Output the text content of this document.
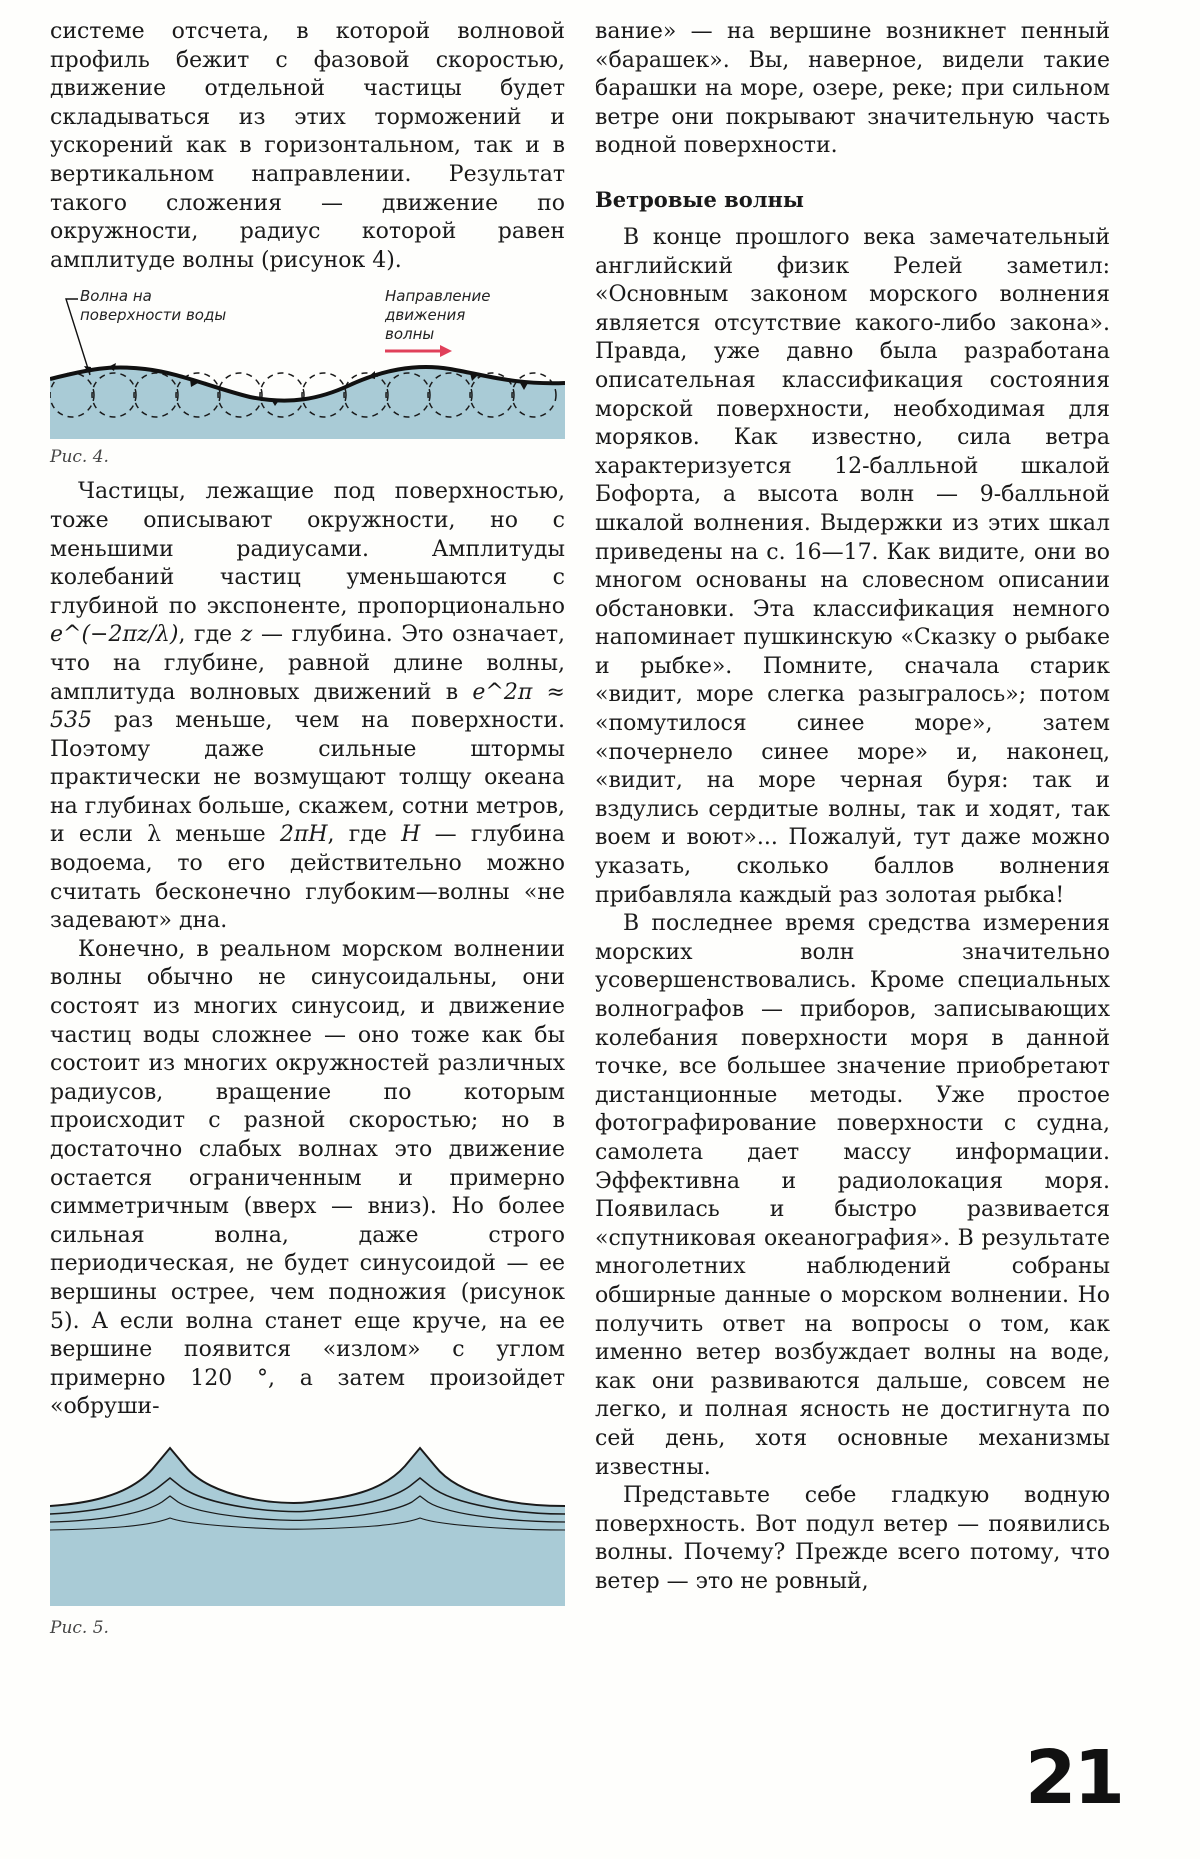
системе отсчета, в которой волновой профиль бежит с фазовой скоростью, движение отдельной частицы будет складываться из этих торможений и ускорений как в горизонтальном, так и в вертикальном направлении. Результат такого сложения — движение по окружности, радиус которой равен амплитуде волны (рисунок 4).

Волна на поверхности воды
Направление движения волны
Рис. 4.

Частицы, лежащие под поверхностью, тоже описывают окружности, но с меньшими радиусами. Амплитуды колебаний частиц уменьшаются с глубиной по экспоненте, пропорционально e^(−2πz/λ), где z — глубина. Это означает, что на глубине, равной длине волны, амплитуда волновых движений в e^2π ≈ 535 раз меньше, чем на поверхности. Поэтому даже сильные штормы практически не возмущают толщу океана на глубинах больше, скажем, сотни метров, и если λ меньше 2πH, где H — глубина водоема, то его действительно можно считать бесконечно глубоким—волны «не задевают» дна.

Конечно, в реальном морском волнении волны обычно не синусоидальны, они состоят из многих синусоид, и движение частиц воды сложнее — оно тоже как бы состоит из многих окружностей различных радиусов, вращение по которым происходит с разной скоростью; но в достаточно слабых волнах это движение остается ограниченным и примерно симметричным (вверх — вниз). Но более сильная волна, даже строго периодическая, не будет синусоидой — ее вершины острее, чем подножия (рисунок 5). А если волна станет еще круче, на ее вершине появится «излом» с углом примерно 120 °, а затем произойдет «обруши-

Рис. 5.

вание» — на вершине возникнет пенный «барашек». Вы, наверное, видели такие барашки на море, озере, реке; при сильном ветре они покрывают значительную часть водной поверхности.

Ветровые волны

В конце прошлого века замечательный английский физик Релей заметил: «Основным законом морского волнения является отсутствие какого-либо закона». Правда, уже давно была разработана описательная классификация состояния морской поверхности, необходимая для моряков. Как известно, сила ветра характеризуется 12-балльной шкалой Бофорта, а высота волн — 9-балльной шкалой волнения. Выдержки из этих шкал приведены на с. 16—17. Как видите, они во многом основаны на словесном описании обстановки. Эта классификация немного напоминает пушкинскую «Сказку о рыбаке и рыбке». Помните, сначала старик «видит, море слегка разыгралось»; потом «помутилося синее море», затем «почернело синее море» и, наконец, «видит, на море черная буря: так и вздулись сердитые волны, так и ходят, так воем и воют»... Пожалуй, тут даже можно указать, сколько баллов волнения прибавляла каждый раз золотая рыбка!

В последнее время средства измерения морских волн значительно усовершенствовались. Кроме специальных волнографов — приборов, записывающих колебания поверхности моря в данной точке, все большее значение приобретают дистанционные методы. Уже простое фотографирование поверхности с судна, самолета дает массу информации. Эффективна и радиолокация моря. Появилась и быстро развивается «спутниковая океанография». В результате многолетних наблюдений собраны обширные данные о морском волнении. Но получить ответ на вопросы о том, как именно ветер возбуждает волны на воде, как они развиваются дальше, совсем не легко, и полная ясность не достигнута по сей день, хотя основные механизмы известны.

Представьте себе гладкую водную поверхность. Вот подул ветер — появились волны. Почему? Прежде всего потому, что ветер — это не ровный,

21
